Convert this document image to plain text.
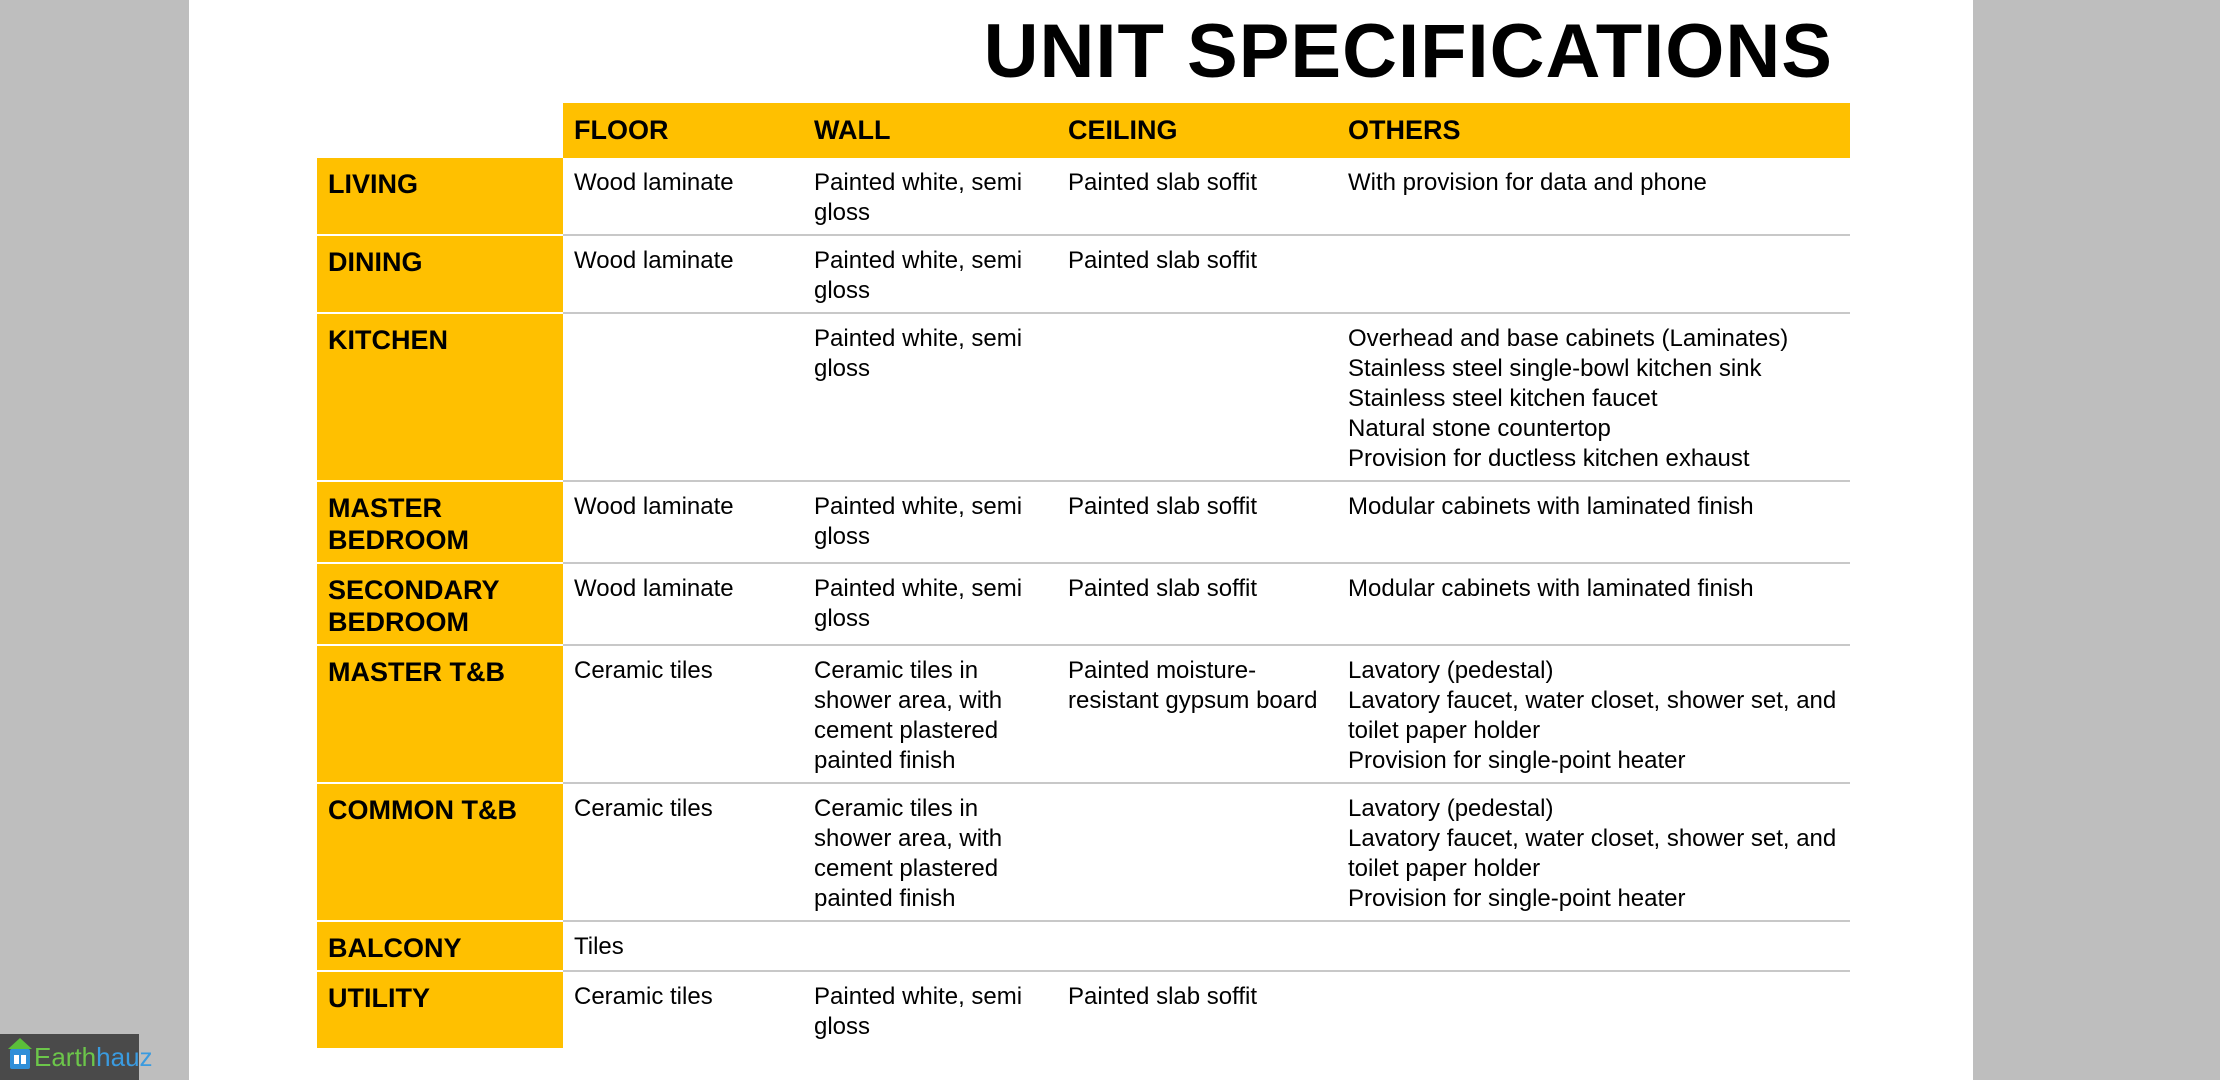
UNIT SPECIFICATIONS
	FLOOR	WALL	CEILING	OTHERS
LIVING	Wood laminate	Painted white, semi gloss	Painted slab soffit	With provision for data and phone

DINING	Wood laminate	Painted white, semi gloss	Painted slab soffit	
KITCHEN		Painted white, semi gloss		Overhead and base cabinets (Laminates)
Stainless steel single-bowl kitchen sink
Stainless steel kitchen faucet
Natural stone countertop
Provision for ductless kitchen exhaust

MASTER BEDROOM	Wood laminate	Painted white, semi gloss	Painted slab soffit	Modular cabinets with laminated finish

SECONDARY BEDROOM	Wood laminate	Painted white, semi gloss	Painted slab soffit	Modular cabinets with laminated finish

MASTER T&B	Ceramic tiles	Ceramic tiles in shower area, with cement plastered painted finish	Painted moisture-resistant gypsum board	Lavatory (pedestal)
Lavatory faucet, water closet, shower set, and toilet paper holder
Provision for single-point heater

COMMON T&B	Ceramic tiles	Ceramic tiles in shower area, with cement plastered painted finish		Lavatory (pedestal)
Lavatory faucet, water closet, shower set, and toilet paper holder
Provision for single-point heater

BALCONY	Tiles			
UTILITY	Ceramic tiles	Painted white, semi gloss	Painted slab soffit	
Earthhauz
